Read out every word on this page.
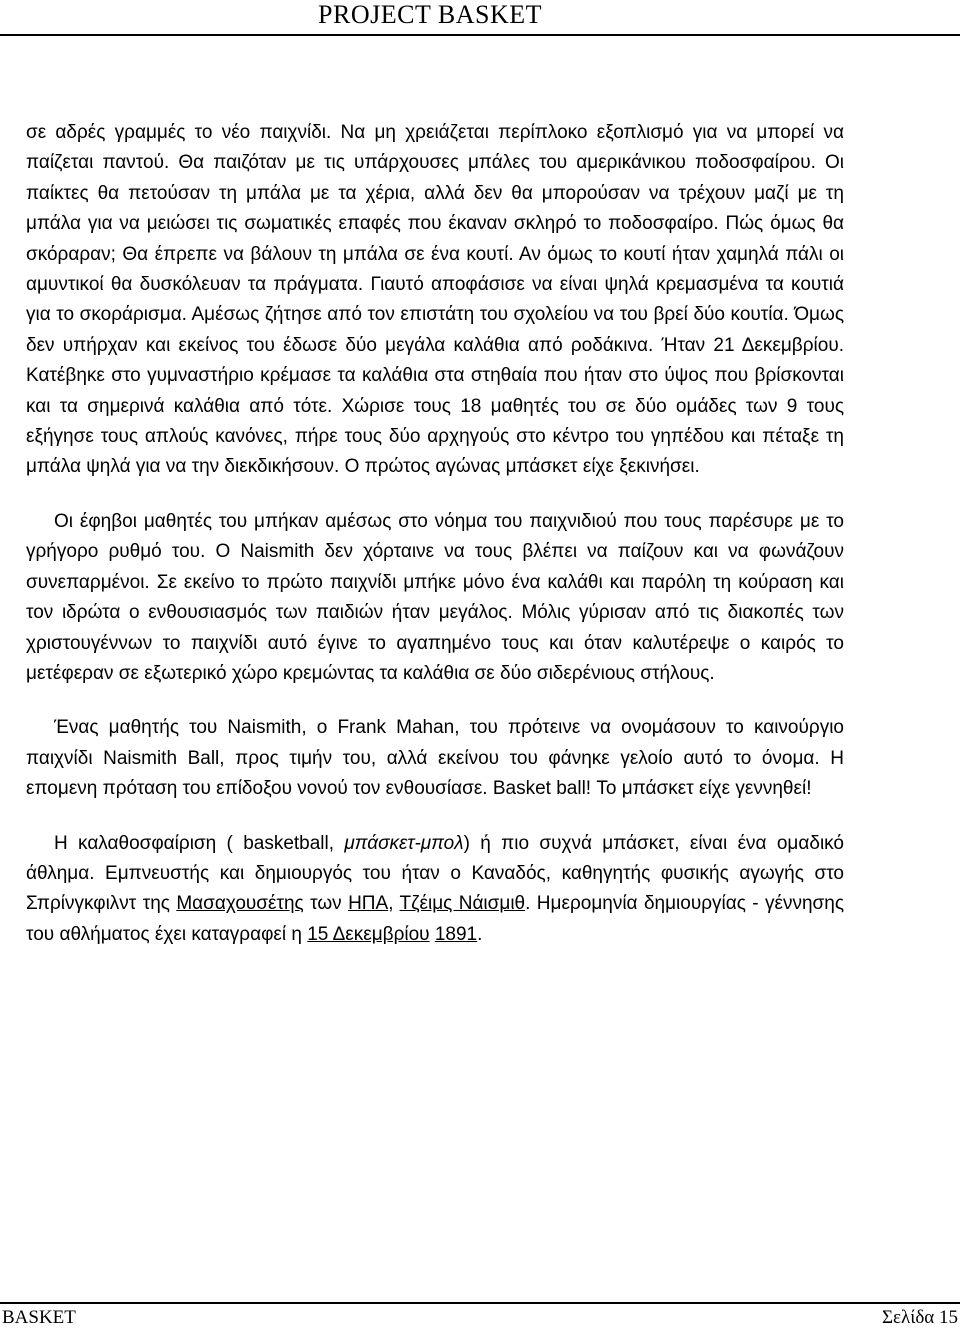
PROJECT BASKET

σε αδρές γραμμές το νέο παιχνίδι. Να μη χρειάζεται περίπλοκο εξοπλισμό για να μπορεί να παίζεται παντού. Θα παιζόταν με τις υπάρχουσες μπάλες του αμερικάνικου ποδοσφαίρου. Οι παίκτες θα πετούσαν τη μπάλα με τα χέρια, αλλά δεν θα μπορούσαν να τρέχουν μαζί με τη μπάλα για να μειώσει τις σωματικές επαφές που έκαναν σκληρό το ποδοσφαίρο. Πώς όμως θα σκόραραν; Θα έπρεπε να βάλουν τη μπάλα σε ένα κουτί. Αν όμως το κουτί ήταν χαμηλά πάλι οι αμυντικοί θα δυσκόλευαν τα πράγματα. Γιαυτό αποφάσισε να είναι ψηλά κρεμασμένα τα κουτιά για το σκοράρισμα. Αμέσως ζήτησε από τον επιστάτη του σχολείου να του βρεί δύο κουτία. Όμως δεν υπήρχαν και εκείνος του έδωσε δύο μεγάλα καλάθια από ροδάκινα. Ήταν 21 Δεκεμβρίου. Κατέβηκε στο γυμναστήριο κρέμασε τα καλάθια στα στηθαία που ήταν στο ύψος που βρίσκονται και τα σημερινά καλάθια από τότε. Χώρισε τους 18 μαθητές του σε δύο ομάδες των 9 τους εξήγησε τους απλούς κανόνες, πήρε τους δύο αρχηγούς στο κέντρο του γηπέδου και πέταξε τη μπάλα ψηλά για να την διεκδικήσουν. Ο πρώτος αγώνας μπάσκετ είχε ξεκινήσει.

Οι έφηβοι μαθητές του μπήκαν αμέσως στο νόημα του παιχνιδιού που τους παρέσυρε με το γρήγορο ρυθμό του. Ο Naismith δεν χόρταινε να τους βλέπει να παίζουν και να φωνάζουν συνεπαρμένοι. Σε εκείνο το πρώτο παιχνίδι μπήκε μόνο ένα καλάθι και παρόλη τη κούραση και τον ιδρώτα ο ενθουσιασμός των παιδιών ήταν μεγάλος. Μόλις γύρισαν από τις διακοπές των χριστουγέννων το παιχνίδι αυτό έγινε το αγαπημένο τους και όταν καλυτέρεψε ο καιρός το μετέφεραν σε εξωτερικό χώρο κρεμώντας τα καλάθια σε δύο σιδερένιους στήλους.

Ένας μαθητής του Naismith, ο Frank Mahan, του πρότεινε να ονομάσουν το καινούργιο παιχνίδι Naismith Ball, προς τιμήν του, αλλά εκείνου του φάνηκε γελοίο αυτό το όνομα. Η επομενη πρόταση του επίδοξου νονού τον ενθουσίασε. Basket ball! Το μπάσκετ είχε γεννηθεί!

Η καλαθοσφαίριση ( basketball, μπάσκετ-μπολ) ή πιο συχνά μπάσκετ, είναι ένα ομαδικό άθλημα. Εμπνευστής και δημιουργός του ήταν ο Καναδός, καθηγητής φυσικής αγωγής στο Σπρίνγκφιλντ της Μασαχουσέτης των ΗΠΑ, Τζέιμς Νάισμιθ. Ημερομηνία δημιουργίας - γέννησης του αθλήματος έχει καταγραφεί η 15 Δεκεμβρίου 1891.

BASKET	Σελίδα 15
